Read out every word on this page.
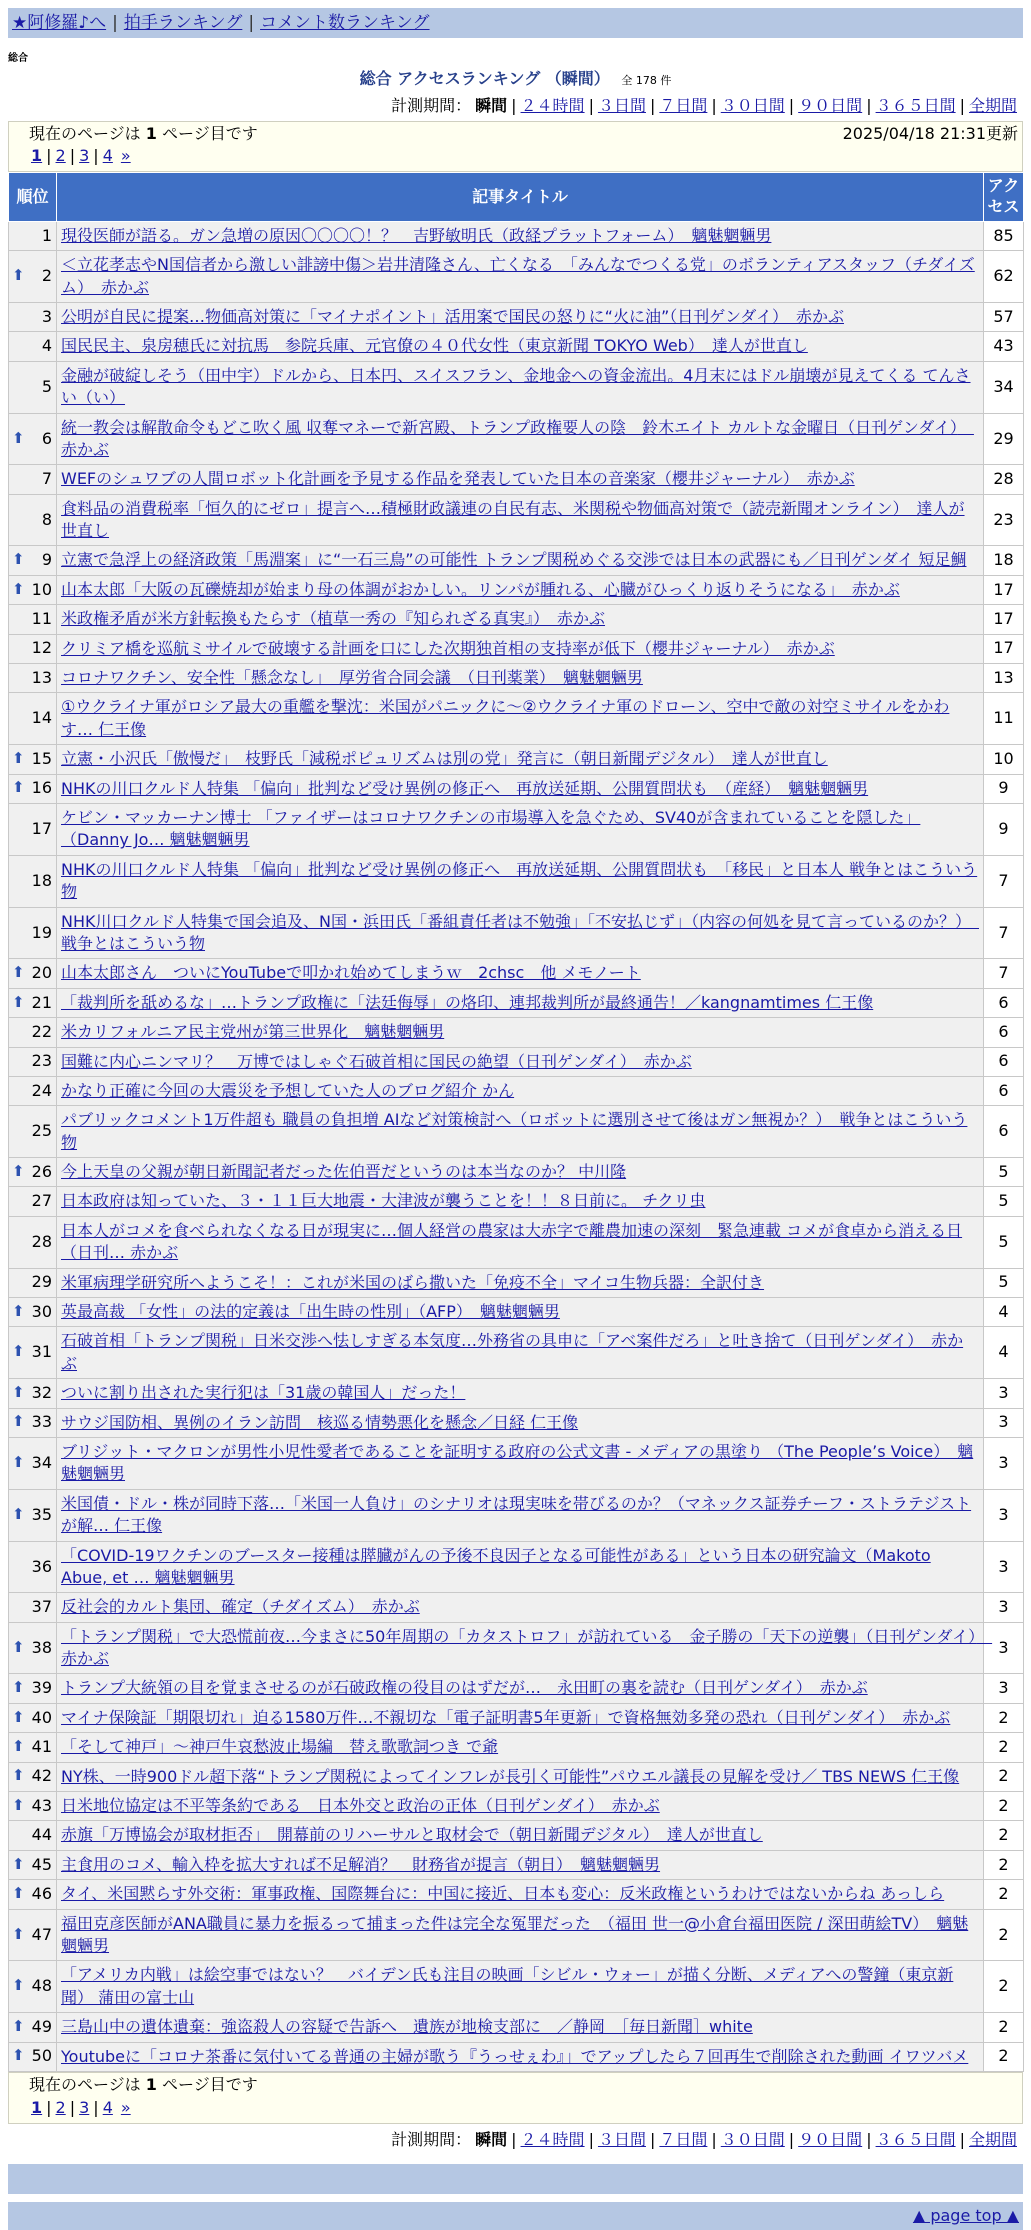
★阿修羅♪へ | 拍手ランキング | コメント数ランキング
総合
総合 アクセスランキング （瞬間） 全 178 件
計測期間： 瞬間 | ２４時間 | ３日間 | ７日間 | ３０日間 | ９０日間 | ３６５日間 | 全期間
現在のページは 1 ページ目です	2025/04/18 21:31更新
1 | 2 | 3 | 4 »
順位	記事タイトル	アクセス
1	現役医師が語る。ガン急増の原因〇〇〇〇！？　吉野敏明氏（政経プラットフォーム）　魑魅魍魎男	85

⬆ 2	＜立花孝志やN国信者から激しい誹謗中傷＞岩井清隆さん、亡くなる　「みんなでつくる党」のボランティアスタッフ（チダイズム）　赤かぶ	62
3	公明が自民に提案…物価高対策に「マイナポイント」活用案で国民の怒りに“火に油”（日刊ゲンダイ）　赤かぶ	57
4	国民民主、泉房穂氏に対抗馬　参院兵庫、元官僚の４０代女性（東京新聞 TOKYO Web）　達人が世直し	43
5	金融が破綻しそう（田中宇）ドルから、日本円、スイスフラン、金地金への資金流出。4月末にはドル崩壊が見えてくる てんさい（い）	34

⬆ 6	統一教会は解散命令もどこ吹く風 収奪マネーで新宮殿、トランプ政権要人の陰　鈴木エイト カルトな金曜日（日刊ゲンダイ）　赤かぶ	29
7	WEFのシュワブの人間ロボット化計画を予見する作品を発表していた日本の音楽家（櫻井ジャーナル）　赤かぶ	28
8	食料品の消費税率「恒久的にゼロ」提言へ…積極財政議連の自民有志、米関税や物価高対策で（読売新聞オンライン）　達人が世直し	23

⬆ 9	立憲で急浮上の経済政策「馬淵案」に“一石三鳥”の可能性 トランプ関税めぐる交渉では日本の武器にも／日刊ゲンダイ 短足鯛	18

⬆ 10	山本太郎「大阪の瓦礫焼却が始まり母の体調がおかしい。リンパが腫れる、心臓がひっくり返りそうになる」　赤かぶ	17
11	米政権矛盾が米方針転換もたらす（植草一秀の『知られざる真実』）　赤かぶ	17
12	クリミア橋を巡航ミサイルで破壊する計画を口にした次期独首相の支持率が低下（櫻井ジャーナル）　赤かぶ	17
13	コロナワクチン、安全性「懸念なし」　厚労省合同会議　（日刊薬業）　魑魅魍魎男	13
14	①ウクライナ軍がロシア最大の重艦を撃沈：米国がパニックに～②ウクライナ軍のドローン、空中で敵の対空ミサイルをかわす… 仁王像	11

⬆ 15	立憲・小沢氏「傲慢だ」　枝野氏「減税ポピュリズムは別の党」発言に（朝日新聞デジタル）　達人が世直し	10

⬆ 16	NHKの川口クルド人特集 「偏向」批判など受け異例の修正へ　再放送延期、公開質問状も　（産経）　魑魅魍魎男	9
17	ケビン・マッカーナン博士 「ファイザーはコロナワクチンの市場導入を急ぐため、SV40が含まれていることを隠した」（Danny Jo… 魑魅魍魎男	9
18	NHKの川口クルド人特集 「偏向」批判など受け異例の修正へ　再放送延期、公開質問状も　「移民」と日本人 戦争とはこういう物	7
19	NHK川口クルド人特集で国会追及、N国・浜田氏「番組責任者は不勉強」「不安払じず」（内容の何処を見て言っているのか？）　戦争とはこういう物	7

⬆ 20	山本太郎さん　ついにYouTubeで叩かれ始めてしまうｗ　2chsc　他 メモノート	7

⬆ 21	「裁判所を舐めるな」…トランプ政権に「法廷侮辱」の烙印、連邦裁判所が最終通告！／kangnamtimes 仁王像	6
22	米カリフォルニア民主党州が第三世界化　魑魅魍魎男	6
23	国難に内心ニンマリ？　万博ではしゃぐ石破首相に国民の絶望（日刊ゲンダイ）　赤かぶ	6
24	かなり正確に今回の大震災を予想していた人のブログ紹介 かん	6
25	パブリックコメント1万件超も 職員の負担増 AIなど対策検討へ（ロボットに選別させて後はガン無視か？）　戦争とはこういう物	6

⬆ 26	今上天皇の父親が朝日新聞記者だった佐伯晋だというのは本当なのか？ 中川隆	5
27	日本政府は知っていた、３・１１巨大地震・大津波が襲うことを！！８日前に。 チクリ虫	5
28	日本人がコメを食べられなくなる日が現実に…個人経営の農家は大赤字で離農加速の深刻　緊急連載 コメが食卓から消える日（日刊… 赤かぶ	5
29	米軍病理学研究所へようこそ！：これが米国のばら撒いた「免疫不全」マイコ生物兵器：全訳付き	5

⬆ 30	英最高裁 「女性」の法的定義は「出生時の性別」（AFP）　魑魅魍魎男	4

⬆ 31	石破首相「トランプ関税」日米交渉へ怯しすぎる本気度…外務省の具申に「アベ案件だろ」と吐き捨て（日刊ゲンダイ）　赤かぶ	4

⬆ 32	ついに割り出された実行犯は「31歳の韓国人」だった！	3

⬆ 33	サウジ国防相、異例のイラン訪問　核巡る情勢悪化を懸念／日経 仁王像	3

⬆ 34	ブリジット・マクロンが男性小児性愛者であることを証明する政府の公式文書 - メディアの黒塗り （The People’s Voice）　魑魅魍魎男	3

⬆ 35	米国債・ドル・株が同時下落…「米国一人負け」のシナリオは現実味を帯びるのか？（マネックス証券チーフ・ストラテジストが解… 仁王像	3
36	「COVID-19ワクチンのブースター接種は膵臓がんの予後不良因子となる可能性がある」という日本の研究論文（Makoto Abue, et … 魑魅魍魎男	3
37	反社会的カルト集団、確定（チダイズム）　赤かぶ	3

⬆ 38	「トランプ関税」で大恐慌前夜…今まさに50年周期の「カタストロフ」が訪れている　金子勝の「天下の逆襲」（日刊ゲンダイ）　赤かぶ	3

⬆ 39	トランプ大統領の目を覚まさせるのが石破政権の役目のはずだが…　永田町の裏を読む（日刊ゲンダイ）　赤かぶ	3

⬆ 40	マイナ保険証「期限切れ」迫る1580万件…不親切な「電子証明書5年更新」で資格無効多発の恐れ（日刊ゲンダイ）　赤かぶ	2

⬆ 41	「そして神戸」～神戸牛哀愁波止場編　替え歌歌詞つき で爺	2

⬆ 42	NY株、一時900ドル超下落“トランプ関税によってインフレが長引く可能性”パウエル議長の見解を受け／ TBS NEWS 仁王像	2

⬆ 43	日米地位協定は不平等条約である　日本外交と政治の正体（日刊ゲンダイ）　赤かぶ	2
44	赤旗「万博協会が取材拒否」　開幕前のリハーサルと取材会で（朝日新聞デジタル）　達人が世直し	2

⬆ 45	主食用のコメ、輸入枠を拡大すれば不足解消？　財務省が提言（朝日）　魑魅魍魎男	2

⬆ 46	タイ、米国黙らす外交術：軍事政権、国際舞台に：中国に接近、日本も変心：反米政権というわけではないからね あっしら	2

⬆ 47	福田克彦医師がANA職員に暴力を振るって捕まった件は完全な冤罪だった　（福田 世一@小倉台福田医院 / 深田萌絵TV）　魑魅魍魎男	2

⬆ 48	「アメリカ内戦」は絵空事ではない？　バイデン氏も注目の映画「シビル・ウォー」が描く分断、メディアへの警鐘（東京新聞） 蒲田の富士山	2

⬆ 49	三島山中の遺体遺棄：強盗殺人の容疑で告訴へ　遺族が地検支部に　／静岡　［毎日新聞］white	2

⬆ 50	Youtubeに「コロナ茶番に気付いてる普通の主婦が歌う『うっせぇわ』」でアップしたら７回再生で削除された動画 イワツバメ	2
現在のページは 1 ページ目です
1 | 2 | 3 | 4 »
計測期間： 瞬間 | ２４時間 | ３日間 | ７日間 | ３０日間 | ９０日間 | ３６５日間 | 全期間
▲ page top ▲
